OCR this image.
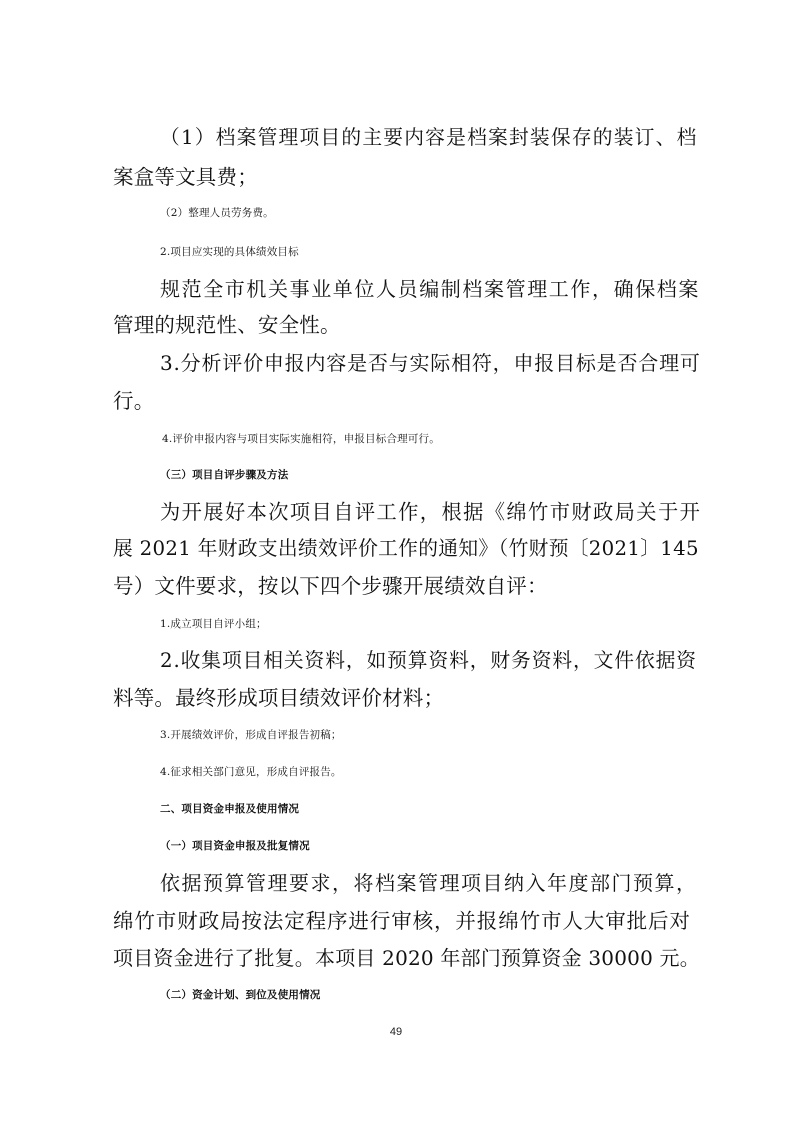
（1）档案管理项目的主要内容是档案封装保存的装订、档
案盒等文具费；
（2）整理人员劳务费。
2.项目应实现的具体绩效目标
规范全市机关事业单位人员编制档案管理工作，确保档案
管理的规范性、安全性。
3.分析评价申报内容是否与实际相符，申报目标是否合理可
行。
4.评价申报内容与项目实际实施相符，申报目标合理可行。
（三）项目自评步骤及方法
为开展好本次项目自评工作，根据《绵竹市财政局关于开
展 2021 年财政支出绩效评价工作的通知》（竹财预〔2021〕145
号）文件要求，按以下四个步骤开展绩效自评：
1.成立项目自评小组；
2.收集项目相关资料，如预算资料，财务资料，文件依据资
料等。最终形成项目绩效评价材料；
3.开展绩效评价，形成自评报告初稿；
4.征求相关部门意见，形成自评报告。
二、项目资金申报及使用情况
（一）项目资金申报及批复情况
依据预算管理要求，将档案管理项目纳入年度部门预算，
绵竹市财政局按法定程序进行审核，并报绵竹市人大审批后对
项目资金进行了批复。本项目 2020 年部门预算资金 30000 元。
（二）资金计划、到位及使用情况
49
